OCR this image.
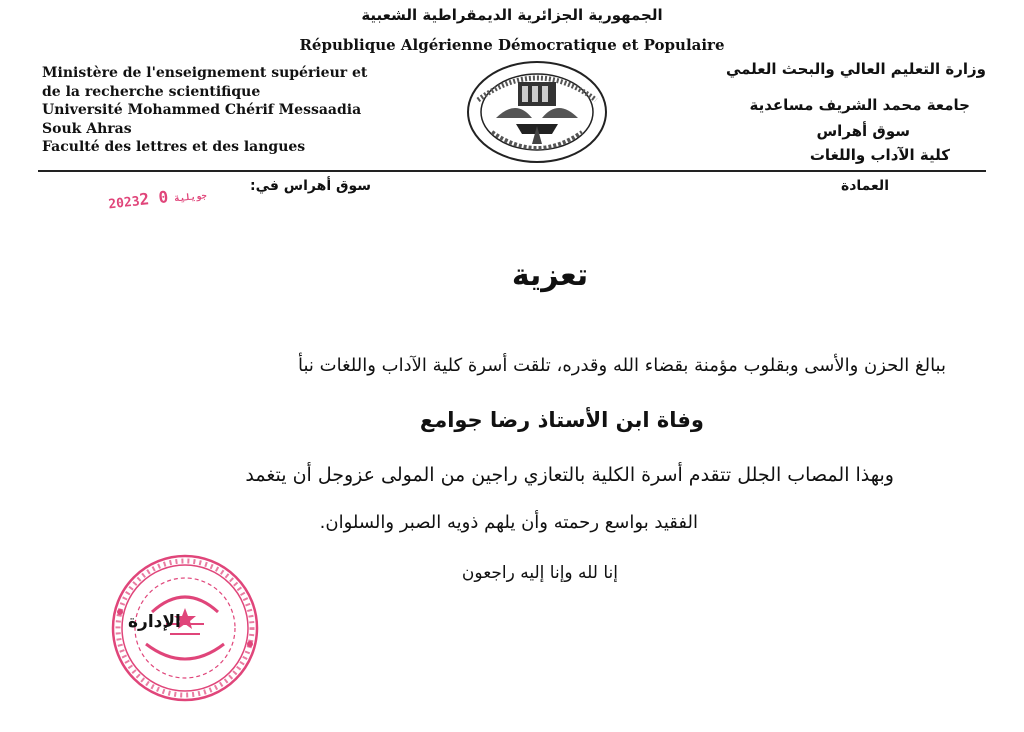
الجمهورية الجزائرية الديمقراطية الشعبية
République Algérienne Démocratique et Populaire
Ministère de l'enseignement supérieur et
de la recherche scientifique
Université Mohammed Chérif Messaadia
Souk Ahras
Faculté des lettres et des langues
وزارة التعليم العالي والبحث العلمي
جامعة محمد الشريف مساعدية
سوق أهراس
كلية الآداب واللغات
سوق أهراس في:	العمادة
2023	جويلية0 2
تعزية
ببالغ الحزن والأسى وبقلوب مؤمنة بقضاء الله وقدره، تلقت أسرة كلية الآداب واللغات نبأ
وفاة ابن الأستاذ رضا جوامع
وبهذا المصاب الجلل تتقدم أسرة الكلية بالتعازي راجين من المولى عزوجل أن يتغمد
الفقيد بواسع رحمته وأن يلهم ذويه الصبر والسلوان.
إنا لله وإنا إليه راجعون
الإدارة
